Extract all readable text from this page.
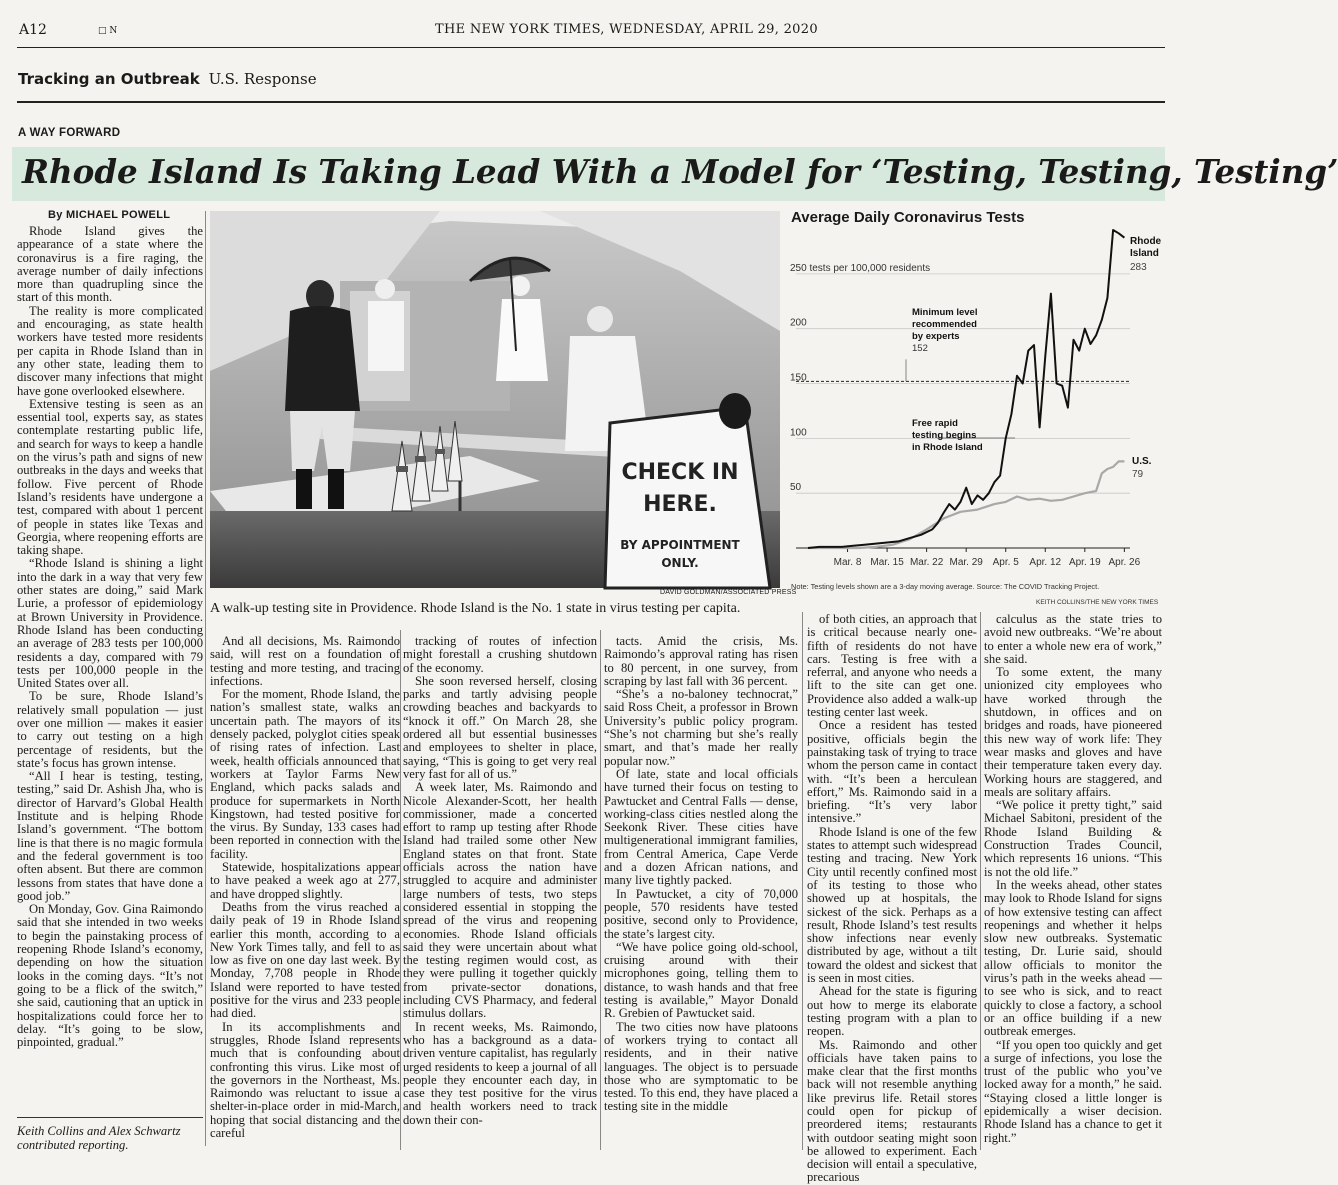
A12	□ N	THE NEW YORK TIMES, WEDNESDAY, APRIL 29, 2020
Tracking an Outbreak U.S. Response
A WAY FORWARD
Rhode Island Is Taking Lead With a Model for ‘Testing, Testing, Testing’
By MICHAEL POWELL

Rhode Island gives the appearance of a state where the coronavirus is a fire raging, the average number of daily infections more than quadrupling since the start of this month.

The reality is more complicated and encouraging, as state health workers have tested more residents per capita in Rhode Island than in any other state, leading them to discover many infections that might have gone overlooked elsewhere.

Extensive testing is seen as an essential tool, experts say, as states contemplate restarting public life, and search for ways to keep a handle on the virus’s path and signs of new outbreaks in the days and weeks that follow. Five percent of Rhode Island’s residents have undergone a test, compared with about 1 percent of people in states like Texas and Georgia, where reopening efforts are taking shape.

“Rhode Island is shining a light into the dark in a way that very few other states are doing,” said Mark Lurie, a professor of epidemiology at Brown University in Providence. Rhode Island has been conducting an average of 283 tests per 100,000 residents a day, compared with 79 tests per 100,000 people in the United States over all.

To be sure, Rhode Island’s relatively small population — just over one million — makes it easier to carry out testing on a high percentage of residents, but the state’s focus has grown intense.

“All I hear is testing, testing, testing,” said Dr. Ashish Jha, who is director of Harvard’s Global Health Institute and is helping Rhode Island’s government. “The bottom line is that there is no magic formula and the federal government is too often absent. But there are common lessons from states that have done a good job.”

On Monday, Gov. Gina Raimondo said that she intended in two weeks to begin the painstaking process of reopening Rhode Island’s economy, depending on how the situation looks in the coming days. “It’s not going to be a flick of the switch,” she said, cautioning that an uptick in hospitalizations could force her to delay. “It’s going to be slow, pinpointed, gradual.”

Keith Collins and Alex Schwartz contributed reporting.
CHECK IN
HERE.
BY APPOINTMENT
ONLY.
DAVID GOLDMAN/ASSOCIATED PRESS
A walk-up testing site in Providence. Rhode Island is the No. 1 state in virus testing per capita.

And all decisions, Ms. Raimondo said, will rest on a foundation of testing and more testing, and tracing infections.

For the moment, Rhode Island, the nation’s smallest state, walks an uncertain path. The mayors of its densely packed, polyglot cities speak of rising rates of infection. Last week, health officials announced that workers at Taylor Farms New England, which packs salads and produce for supermarkets in North Kingstown, had tested positive for the virus. By Sunday, 133 cases had been reported in connection with the facility.

Statewide, hospitalizations appear to have peaked a week ago at 277, and have dropped slightly.

Deaths from the virus reached a daily peak of 19 in Rhode Island earlier this month, according to a New York Times tally, and fell to as low as five on one day last week. By Monday, 7,708 people in Rhode Island were reported to have tested positive for the virus and 233 people had died.

In its accomplishments and struggles, Rhode Island represents much that is confounding about confronting this virus. Like most of the governors in the Northeast, Ms. Raimondo was reluctant to issue a shelter-in-place order in mid-March, hoping that social distancing and the careful

tracking of routes of infection might forestall a crushing shutdown of the economy.

She soon reversed herself, closing parks and tartly advising people crowding beaches and backyards to “knock it off.” On March 28, she ordered all but essential businesses and employees to shelter in place, saying, “This is going to get very real very fast for all of us.”

A week later, Ms. Raimondo and Nicole Alexander-Scott, her health commissioner, made a concerted effort to ramp up testing after Rhode Island had trailed some other New England states on that front. State officials across the nation have struggled to acquire and administer large numbers of tests, two steps considered essential in stopping the spread of the virus and reopening economies. Rhode Island officials said they were uncertain about what the testing regimen would cost, as they were pulling it together quickly from private-sector donations, including CVS Pharmacy, and federal stimulus dollars.

In recent weeks, Ms. Raimondo, who has a background as a data-driven venture capitalist, has regularly urged residents to keep a journal of all people they encounter each day, in case they test positive for the virus and health workers need to track down their con-

tacts. Amid the crisis, Ms. Raimondo’s approval rating has risen to 80 percent, in one survey, from scraping by last fall with 36 percent.

“She’s a no-baloney technocrat,” said Ross Cheit, a professor in Brown University’s public policy program. “She’s not charming but she’s really smart, and that’s made her really popular now.”

Of late, state and local officials have turned their focus on testing to Pawtucket and Central Falls — dense, working-class cities nestled along the Seekonk River. These cities have multigenerational immigrant families, from Central America, Cape Verde and a dozen African nations, and many live tightly packed.

In Pawtucket, a city of 70,000 people, 570 residents have tested positive, second only to Providence, the state’s largest city.

“We have police going old-school, cruising around with their microphones going, telling them to distance, to wash hands and that free testing is available,” Mayor Donald R. Grebien of Pawtucket said.

The two cities now have platoons of workers trying to contact all residents, and in their native languages. The object is to persuade those who are symptomatic to be tested. To this end, they have placed a testing site in the middle

of both cities, an approach that is critical because nearly one-fifth of residents do not have cars. Testing is free with a referral, and anyone who needs a lift to the site can get one. Providence also added a walk-up testing center last week.

Once a resident has tested positive, officials begin the painstaking task of trying to trace whom the person came in contact with. “It’s been a herculean effort,” Ms. Raimondo said in a briefing. “It’s very labor intensive.”

Rhode Island is one of the few states to attempt such widespread testing and tracing. New York City until recently confined most of its testing to those who showed up at hospitals, the sickest of the sick. Perhaps as a result, Rhode Island’s test results show infections near evenly distributed by age, without a tilt toward the oldest and sickest that is seen in most cities.

Ahead for the state is figuring out how to merge its elaborate testing program with a plan to reopen.

Ms. Raimondo and other officials have taken pains to make clear that the first months back will not resemble anything like previrus life. Retail stores could open for pickup of preordered items; restaurants with outdoor seating might soon be allowed to experiment. Each decision will entail a speculative, precarious

calculus as the state tries to avoid new outbreaks. “We’re about to enter a whole new era of work,” she said.

To some extent, the many unionized city employees who have worked through the shutdown, in offices and on bridges and roads, have pioneered this new way of work life: They wear masks and gloves and have their temperature taken every day. Working hours are staggered, and meals are solitary affairs.

“We police it pretty tight,” said Michael Sabitoni, president of the Rhode Island Building & Construction Trades Council, which represents 16 unions. “This is not the old life.”

In the weeks ahead, other states may look to Rhode Island for signs of how extensive testing can affect reopenings and whether it helps slow new outbreaks. Systematic testing, Dr. Lurie said, should allow officials to monitor the virus’s path in the weeks ahead — to see who is sick, and to react quickly to close a factory, a school or an office building if a new outbreak emerges.

“If you open too quickly and get a surge of infections, you lose the trust of the public who you’ve locked away for a month,” he said. “Staying closed a little longer is epidemically a wiser decision. Rhode Island has a chance to get it right.”

Average Daily Coronavirus Tests
50
100
150
200
250 tests per 100,000 residents
Mar. 8 Mar. 15 Mar. 22 Mar. 29 Apr. 5 Apr. 12 Apr. 19 Apr. 26
Minimum level
recommended
by experts
152
Free rapid
testing begins
in Rhode Island
Rhode
Island
283
U.S.
79
Note: Testing levels shown are a 3-day moving average. Source: The COVID Tracking Project.
KEITH COLLINS/THE NEW YORK TIMES
